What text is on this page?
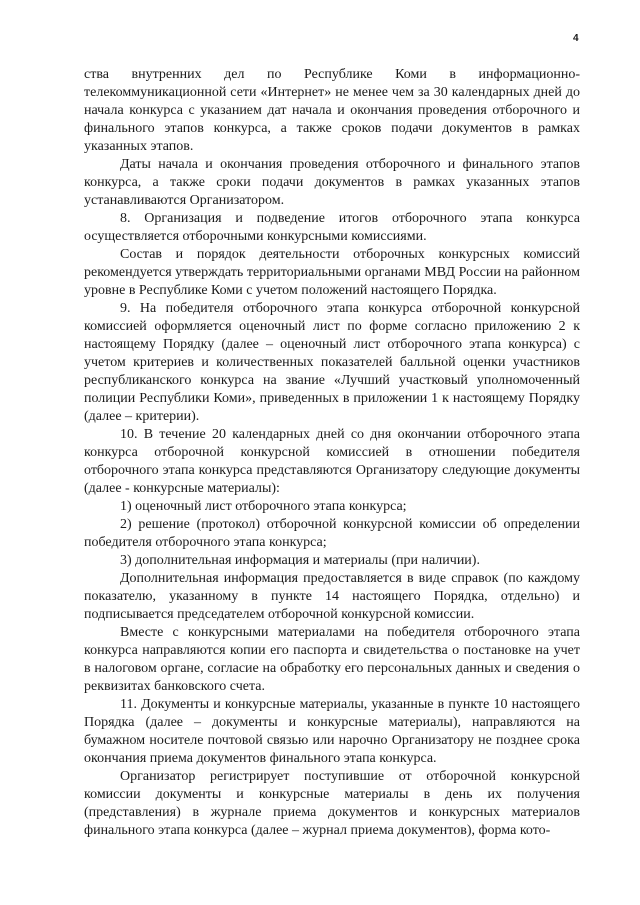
4

ства внутренних дел по Республике Коми в информационно-телекоммуникационной сети «Интернет» не менее чем за 30 календарных дней до начала конкурса с указанием дат начала и окончания проведения отборочного и финального этапов конкурса, а также сроков подачи документов в рамках указанных этапов.

Даты начала и окончания проведения отборочного и финального этапов конкурса, а также сроки подачи документов в рамках указанных этапов устанавливаются Организатором.

8. Организация и подведение итогов отборочного этапа конкурса осуществляется отборочными конкурсными комиссиями.

Состав и порядок деятельности отборочных конкурсных комиссий рекомендуется утверждать территориальными органами МВД России на районном уровне в Республике Коми с учетом положений настоящего Порядка.

9. На победителя отборочного этапа конкурса отборочной конкурсной комиссией оформляется оценочный лист по форме согласно приложению 2 к настоящему Порядку (далее – оценочный лист отборочного этапа конкурса) с учетом критериев и количественных показателей балльной оценки участников республиканского конкурса на звание «Лучший участковый уполномоченный полиции Республики Коми», приведенных в приложении 1 к настоящему Порядку (далее – критерии).

10. В течение 20 календарных дней со дня окончании отборочного этапа конкурса отборочной конкурсной комиссией в отношении победителя отборочного этапа конкурса представляются Организатору следующие документы (далее - конкурсные материалы):

1) оценочный лист отборочного этапа конкурса;

2) решение (протокол) отборочной конкурсной комиссии об определении победителя отборочного этапа конкурса;

3) дополнительная информация и материалы (при наличии).

Дополнительная информация предоставляется в виде справок (по каждому показателю, указанному в пункте 14 настоящего Порядка, отдельно) и подписывается председателем отборочной конкурсной комиссии.

Вместе с конкурсными материалами на победителя отборочного этапа конкурса направляются копии его паспорта и свидетельства о постановке на учет в налоговом органе, согласие на обработку его персональных данных и сведения о реквизитах банковского счета.

11. Документы и конкурсные материалы, указанные в пункте 10 настоящего Порядка (далее – документы и конкурсные материалы), направляются на бумажном носителе почтовой связью или нарочно Организатору не позднее срока окончания приема документов финального этапа конкурса.

Организатор регистрирует поступившие от отборочной конкурсной комиссии документы и конкурсные материалы в день их получения (представления) в журнале приема документов и конкурсных материалов финального этапа конкурса (далее – журнал приема документов), форма кото-
